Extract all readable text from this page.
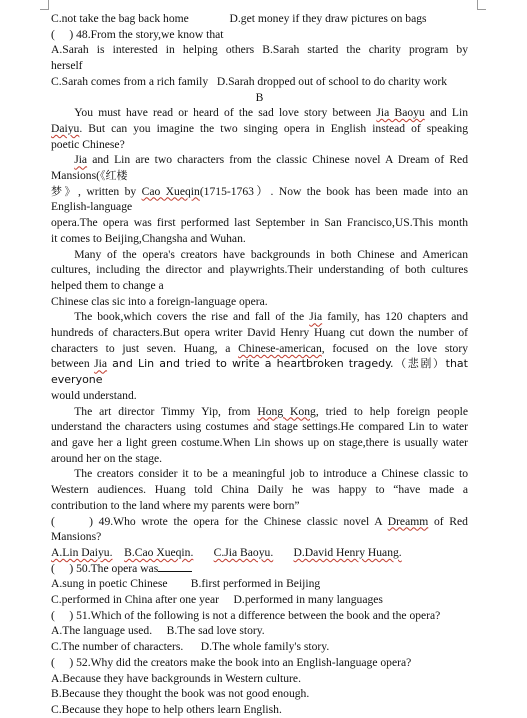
C.not take the bag back home	D.get money if they draw pictures on bags
(　 ) 48.From the story,we know that
A.Sarah is interested in helping others B.Sarah started the charity program by
herself
C.Sarah comes from a rich family D.Sarah dropped out of school to do charity work
B
You must have read or heard of the sad love story between Jia Baoyu and Lin
Daiyu. But can you imagine the two singing opera in English instead of speaking
poetic Chinese?
Jia and Lin are two characters from the classic Chinese novel A Dream of Red
Mansions(《红楼
梦》, written by Cao Xueqin(1715-1763）. Now the book has been made into an
English-language
opera.The opera was first performed last September in San Francisco,US.This month
it comes to Beijing,Changsha and Wuhan.
Many of the opera's creators have backgrounds in both Chinese and American
cultures, including the director and playwrights.Their understanding of both cultures
helped them to change a
Chinese clas sic into a foreign-language opera.
The book,which covers the rise and fall of the Jia family, has 120 chapters and
hundreds of characters.But opera writer David Henry Huang cut down the number of
characters to just seven. Huang, a Chinese-american, focused on the love story
between Jia and Lin and tried to write a heartbroken tragedy.（悲剧）that everyone
would understand.
The art director Timmy Yip, from Hong Kong, tried to help foreign people
understand the characters using costumes and stage settings.He compared Lin to water
and gave her a light green costume.When Lin shows up on stage,there is usually water
around her on the stage.
The creators consider it to be a meaningful job to introduce a Chinese classic to
Western audiences. Huang told China Daily he was happy to “have made a
contribution to the land where my parents were born”
(　   ) 49.Who wrote the opera for the Chinese classic novel A Dreamm of Red
Mansions?
A.Lin Daiyu. B.Cao Xueqin. C.Jia Baoyu. D.David Henry Huang.
(　 ) 50.The opera was
A.sung in poetic Chinese B.first performed in Beijing
C.performed in China after one year D.performed in many languages
(　 ) 51.Which of the following is not a difference between the book and the opera?
A.The language used. B.The sad love story.
C.The number of characters. D.The whole family's story.
(　 ) 52.Why did the creators make the book into an English-language opera?
A.Because they have backgrounds in Western culture.
B.Because they thought the book was not good enough.
C.Because they hope to help others learn English.
